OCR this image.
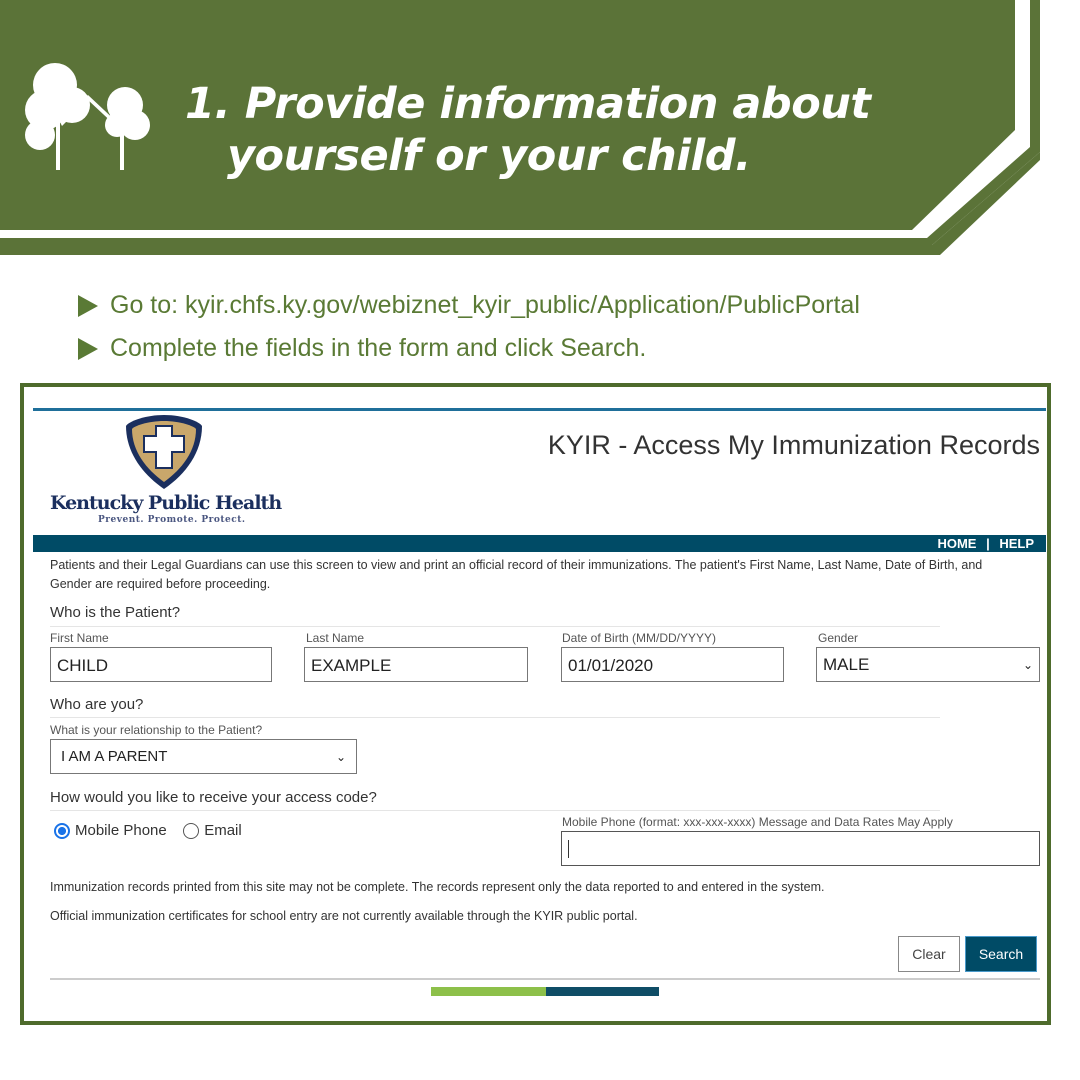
1. Provide information about
yourself or your child.
Go to: kyir.chfs.ky.gov/webiznet_kyir_public/Application/PublicPortal
Complete the fields in the form and click Search.
Kentucky Public Health
Prevent. Promote. Protect.
KYIR - Access My Immunization Records
HOME | HELP
Patients and their Legal Guardians can use this screen to view and print an official record of their immunizations. The patient's First Name, Last Name, Date of Birth, and Gender are required before proceeding.
Who is the Patient?
First Name
CHILD
Last Name
EXAMPLE
Date of Birth (MM/DD/YYYY)
01/01/2020
Gender
MALE	⌄
Who are you?
What is your relationship to the Patient?
I AM A PARENT	⌄
How would you like to receive your access code?
Mobile Phone
Email	Mobile Phone (format: xxx-xxx-xxxx) Message and Data Rates May Apply
Immunization records printed from this site may not be complete. The records represent only the data reported to and entered in the system.
Official immunization certificates for school entry are not currently available through the KYIR public portal.
Clear	Search
